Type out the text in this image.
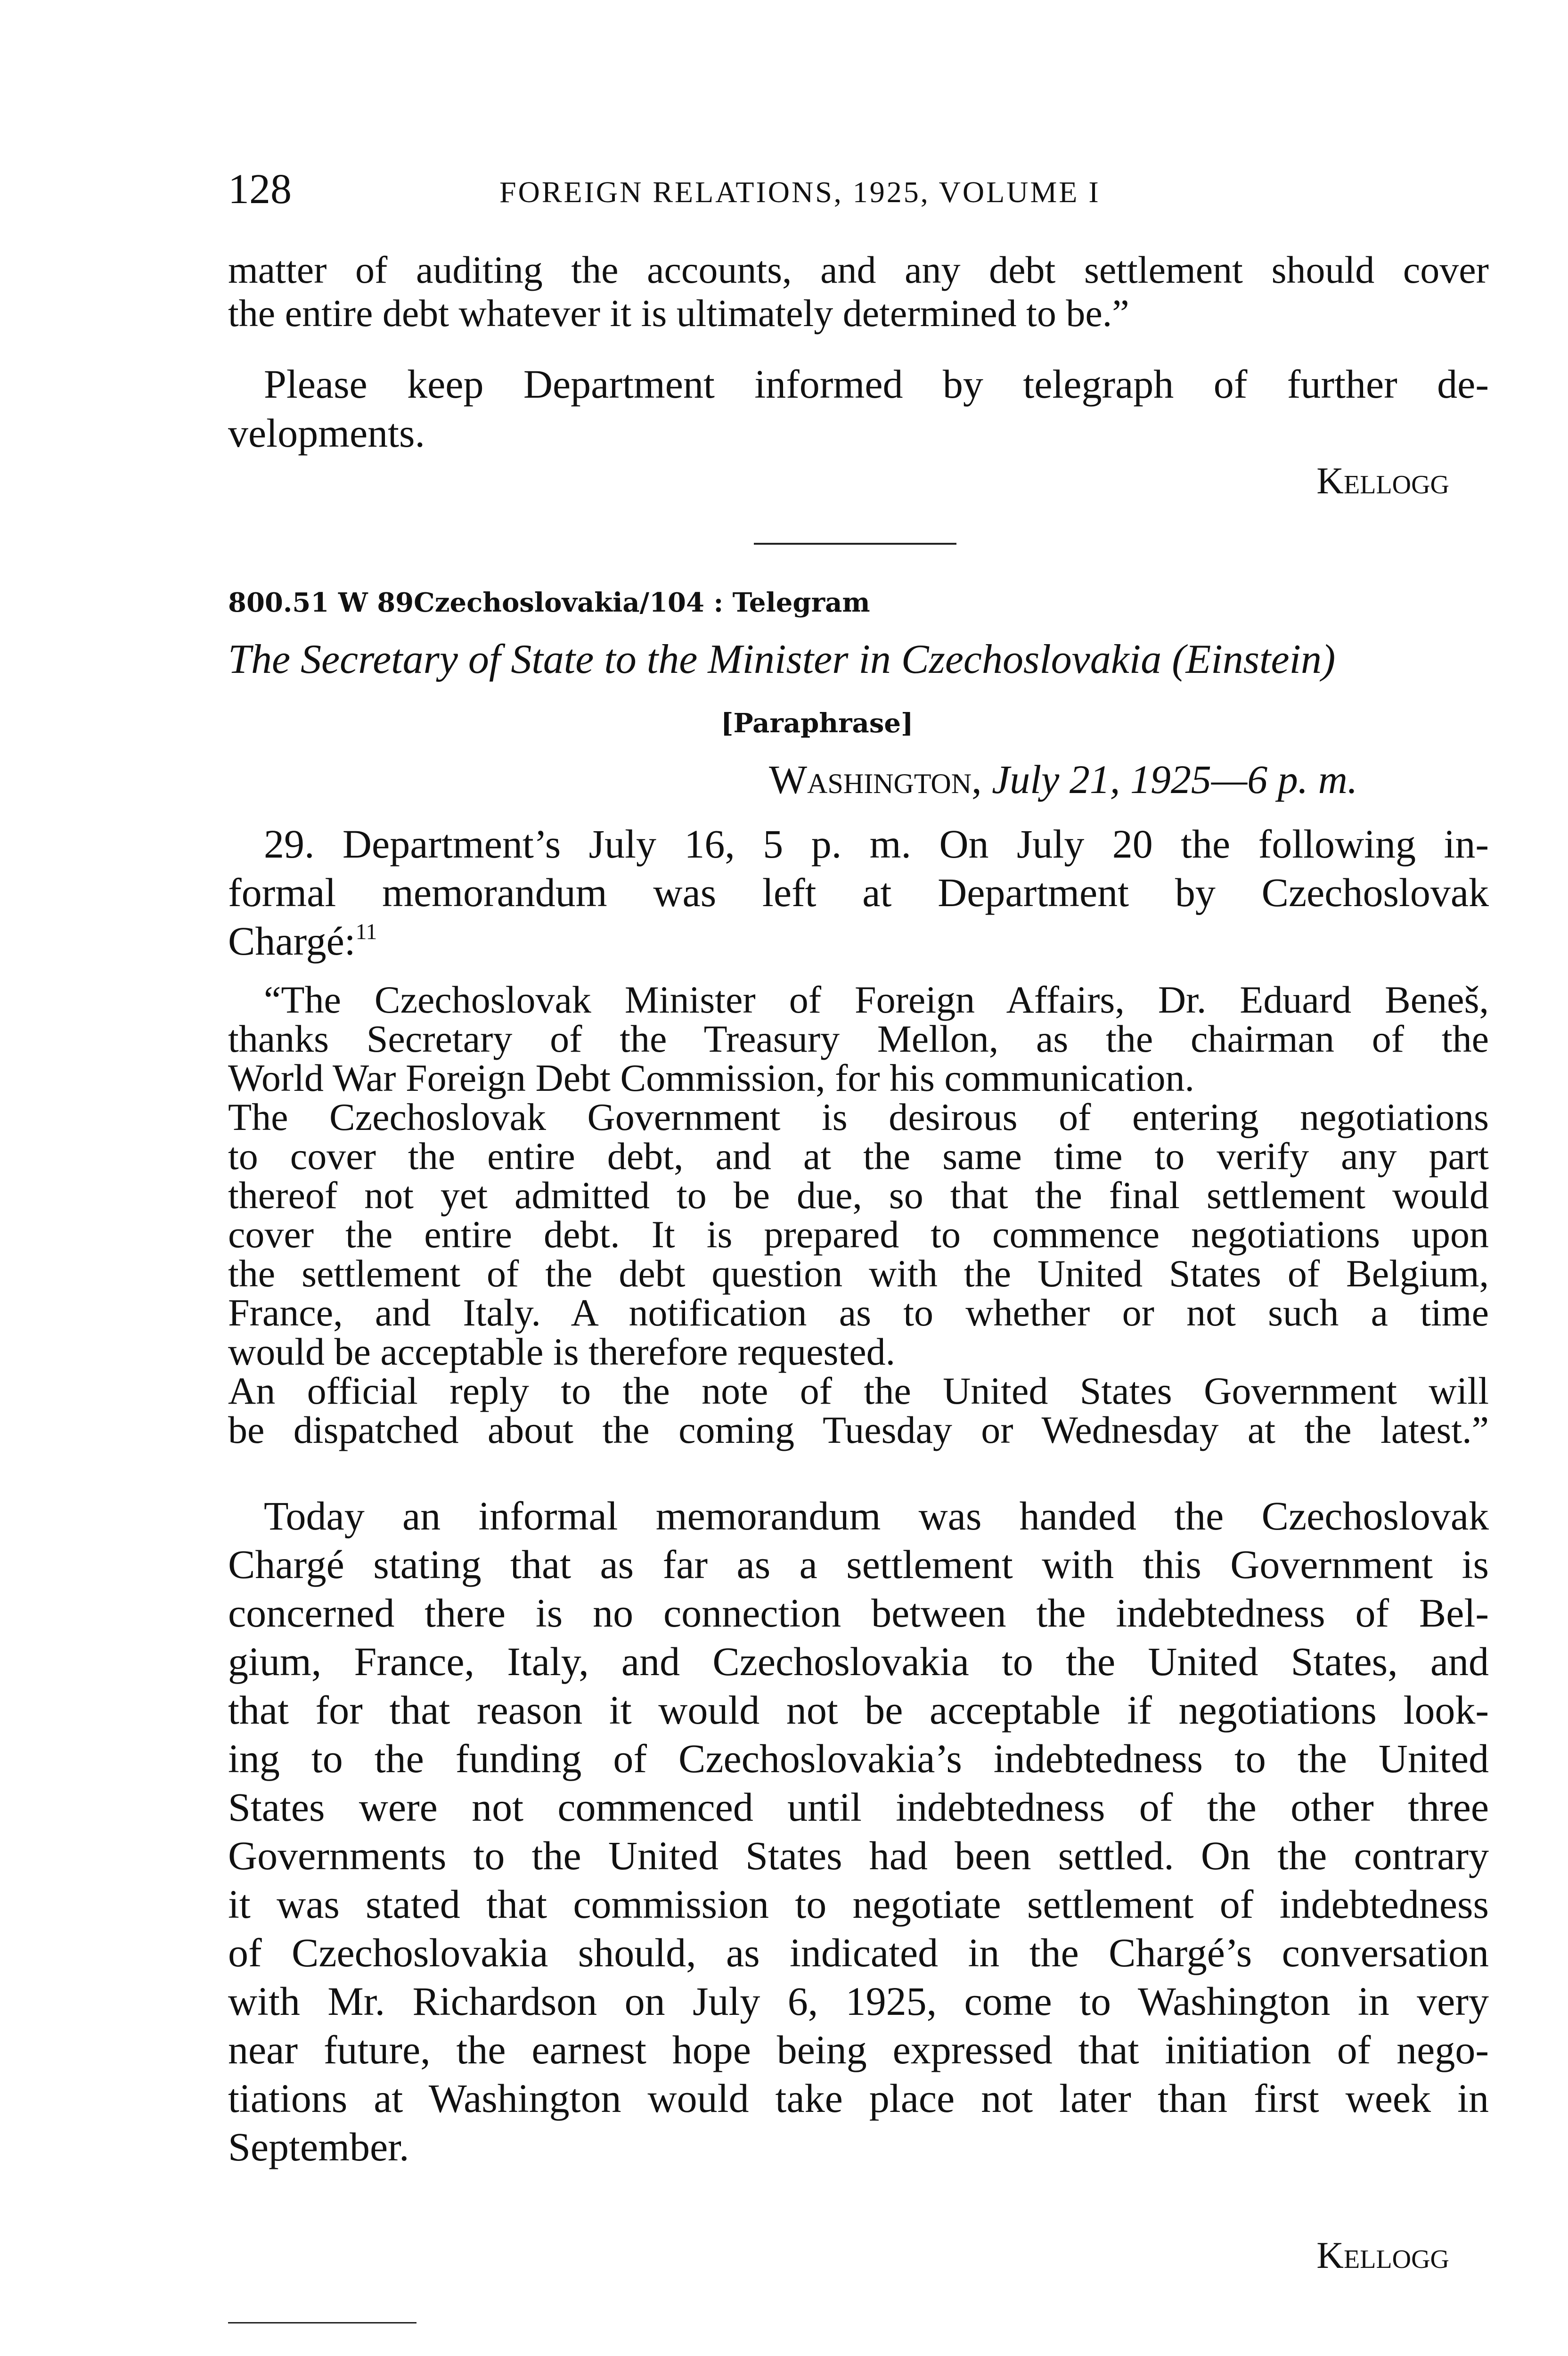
128	FOREIGN RELATIONS, 1925, VOLUME I
matter of auditing the accounts, and any debt settlement should cover
the entire debt whatever it is ultimately determined to be.”
Please keep Department informed by telegraph of further de-
velopments.
Kellogg
800.51 W 89Czechoslovakia/104 : Telegram
The Secretary of State to the Minister in Czechoslovakia (Einstein)
[Paraphrase]
Washington, July 21, 1925—6 p. m.
29. Department’s July 16, 5 p. m. On July 20 the following in-
formal memorandum was left at Department by Czechoslovak
Chargé:$^{11}$
“The Czechoslovak Minister of Foreign Affairs, Dr. Eduard Beneš,
thanks Secretary of the Treasury Mellon, as the chairman of the
World War Foreign Debt Commission, for his communication.
The Czechoslovak Government is desirous of entering negotiations
to cover the entire debt, and at the same time to verify any part
thereof not yet admitted to be due, so that the final settlement would
cover the entire debt. It is prepared to commence negotiations upon
the settlement of the debt question with the United States of Belgium,
France, and Italy. A notification as to whether or not such a time
would be acceptable is therefore requested.
An official reply to the note of the United States Government will
be dispatched about the coming Tuesday or Wednesday at the latest.”
Today an informal memorandum was handed the Czechoslovak
Chargé stating that as far as a settlement with this Government is
concerned there is no connection between the indebtedness of Bel-
gium, France, Italy, and Czechoslovakia to the United States, and
that for that reason it would not be acceptable if negotiations look-
ing to the funding of Czechoslovakia’s indebtedness to the United
States were not commenced until indebtedness of the other three
Governments to the United States had been settled. On the contrary
it was stated that commission to negotiate settlement of indebtedness
of Czechoslovakia should, as indicated in the Chargé’s conversation
with Mr. Richardson on July 6, 1925, come to Washington in very
near future, the earnest hope being expressed that initiation of nego-
tiations at Washington would take place not later than first week in
September.
Kellogg
